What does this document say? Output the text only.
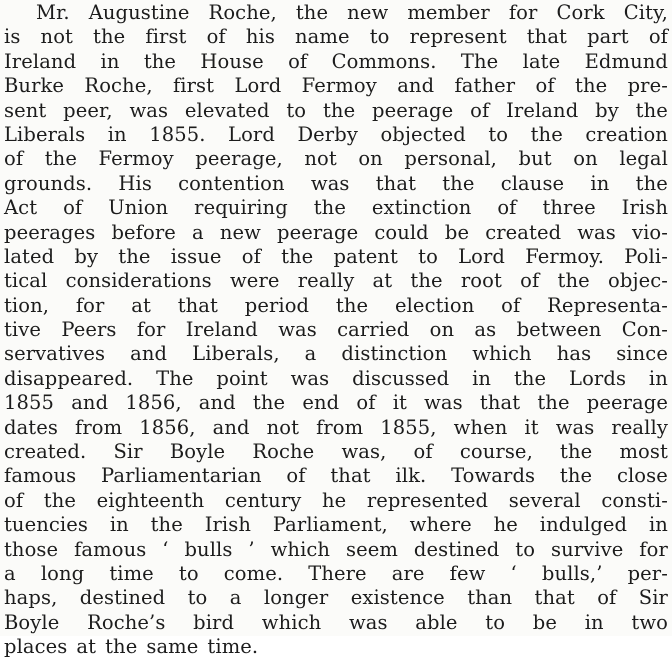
Mr. Augustine Roche, the new member for Cork City,
is not the first of his name to represent that part of
Ireland in the House of Commons. The late Edmund
Burke Roche, first Lord Fermoy and father of the pre-
sent peer, was elevated to the peerage of Ireland by the
Liberals in 1855. Lord Derby objected to the creation
of the Fermoy peerage, not on personal, but on legal
grounds. His contention was that the clause in the
Act of Union requiring the extinction of three Irish
peerages before a new peerage could be created was vio-
lated by the issue of the patent to Lord Fermoy. Poli-
tical considerations were really at the root of the objec-
tion, for at that period the election of Representa-
tive Peers for Ireland was carried on as between Con-
servatives and Liberals, a distinction which has since
disappeared. The point was discussed in the Lords in
1855 and 1856, and the end of it was that the peerage
dates from 1856, and not from 1855, when it was really
created. Sir Boyle Roche was, of course, the most
famous Parliamentarian of that ilk. Towards the close
of the eighteenth century he represented several consti-
tuencies in the Irish Parliament, where he indulged in
those famous ‘ bulls ’ which seem destined to survive for
a long time to come. There are few ‘ bulls,’ per-
haps, destined to a longer existence than that of Sir
Boyle Roche’s bird which was able to be in two
places at the same time.
